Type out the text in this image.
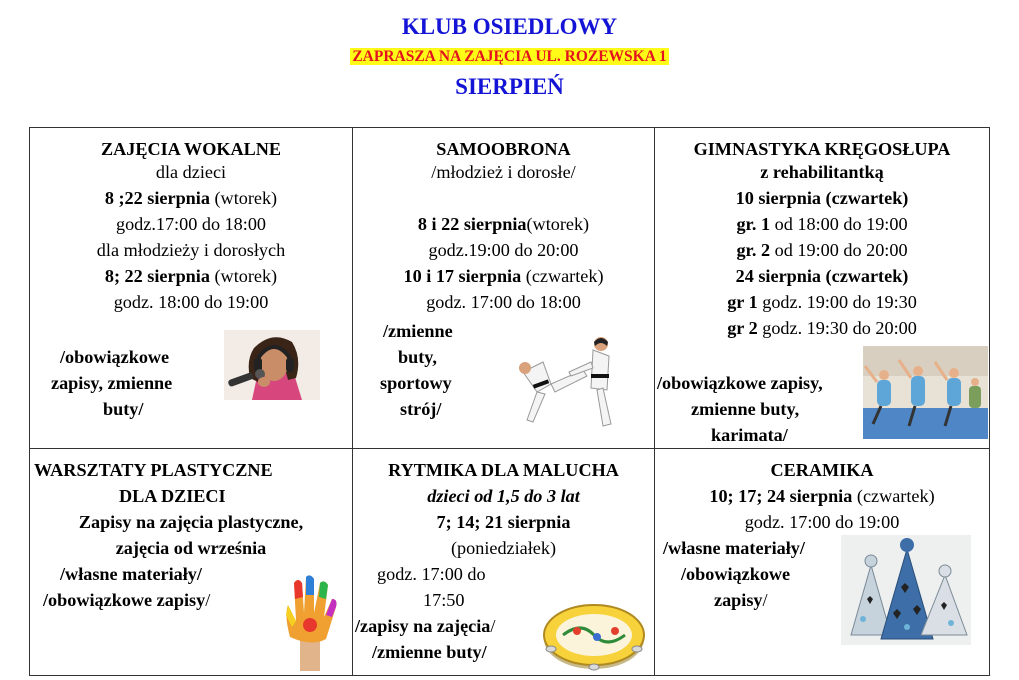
KLUB OSIEDLOWY
ZAPRASZA NA ZAJĘCIA UL. ROZEWSKA 1
SIERPIEŃ
ZAJĘCIA WOKALNE
dla dzieci
8 ;22 sierpnia (wtorek)
godz.17:00 do 18:00
dla młodzieży i dorosłych
8; 22 sierpnia (wtorek)
godz. 18:00 do 19:00
/obowiązkowe
zapisy, zmienne
buty/
SAMOOBRONA
/młodzież i dorosłe/
8 i 22 sierpnia(wtorek)
godz.19:00 do 20:00
10 i 17 sierpnia (czwartek)
godz. 17:00 do 18:00
/zmienne
buty,
sportowy
strój/
GIMNASTYKA KRĘGOSŁUPA
z rehabilitantką
10 sierpnia (czwartek)
gr. 1 od 18:00 do 19:00
gr. 2 od 19:00 do 20:00
24 sierpnia (czwartek)
gr 1 godz. 19:00 do 19:30
gr 2 godz. 19:30 do 20:00
/obowiązkowe zapisy,
zmienne buty,
karimata/
WARSZTATY PLASTYCZNE
DLA DZIECI
Zapisy na zajęcia plastyczne,
zajęcia od września
/własne materiały/
/obowiązkowe zapisy/
RYTMIKA DLA MALUCHA
dzieci od 1,5 do 3 lat
7; 14; 21 sierpnia
(poniedziałek)
godz. 17:00 do
17:50
/zapisy na zajęcia/
/zmienne buty/
CERAMIKA
10; 17; 24 sierpnia (czwartek)
godz. 17:00 do 19:00
/własne materiały/
/obowiązkowe
zapisy/
